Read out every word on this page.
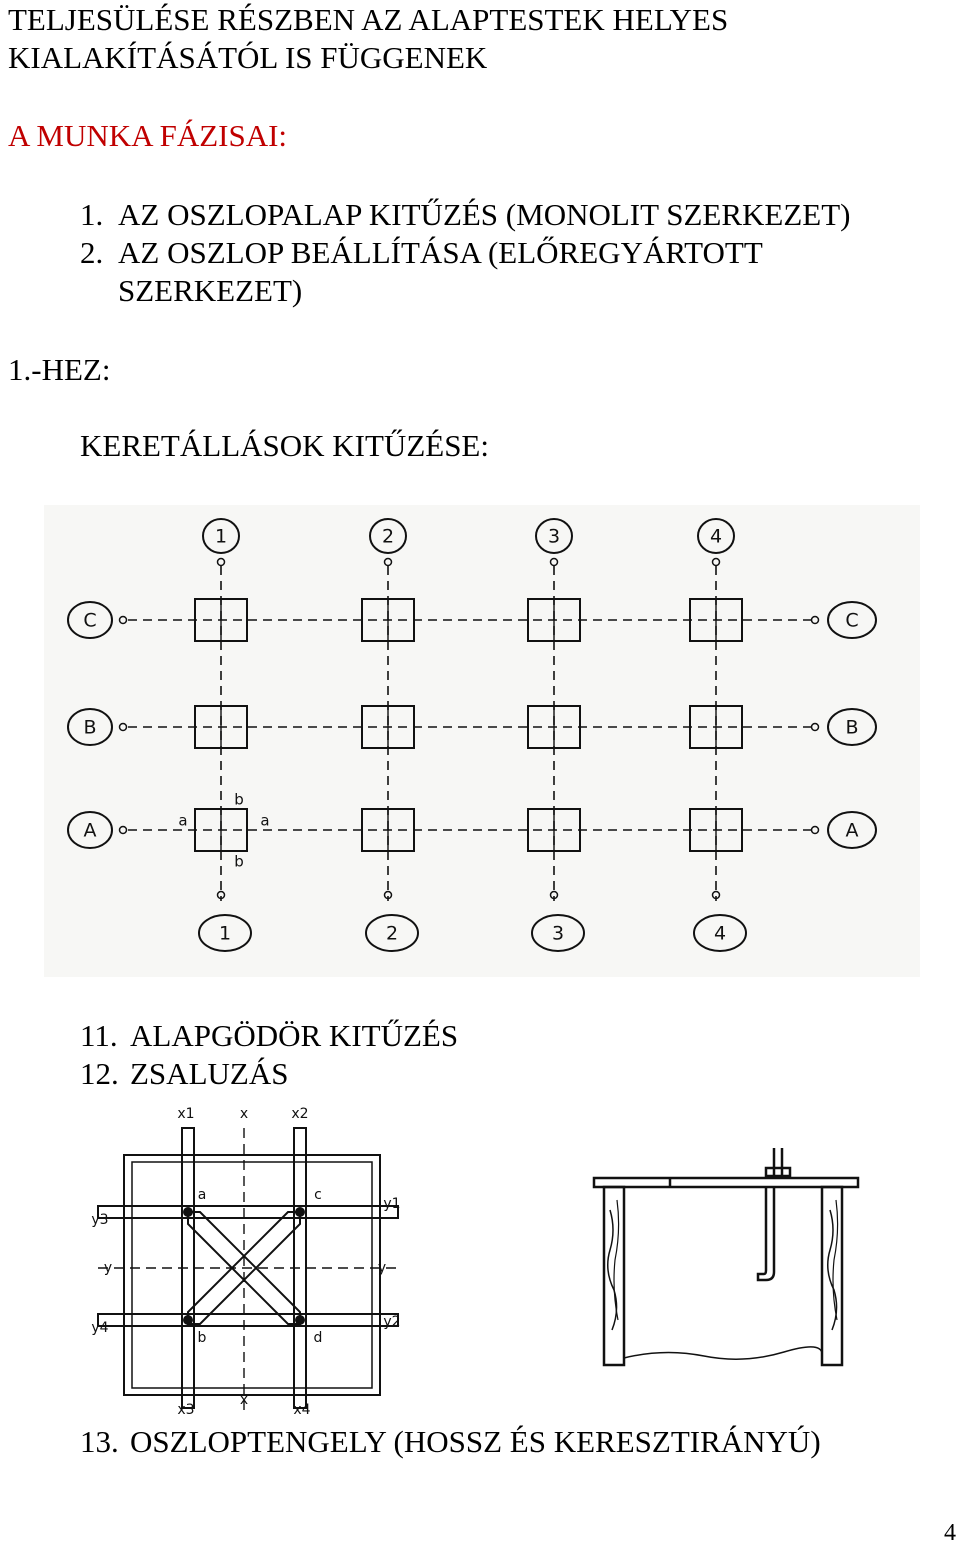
TELJESÜLÉSE RÉSZBEN AZ ALAPTESTEK HELYES

KIALAKÍTÁSÁTÓL IS FÜGGENEK

A MUNKA FÁZISAI:

1. AZ OSZLOPALAP KITŰZÉS (MONOLIT SZERKEZET)

2. AZ OSZLOP BEÁLLÍTÁSA (ELŐREGYÁRTOTT

SZERKEZET)

1.-HEZ:

KERETÁLLÁSOK KITŰZÉSE:

1
1
2
2
3
3
4
4
C	C
B	B
A	A
a	a
b
b

11. ALAPGÖDÖR KITŰZÉS

12. ZSALUZÁS

x1	x	x2
x3
x
x4
y3
y
y4
y1
y
y2
a	c
b	d

13. OSZLOPTENGELY (HOSSZ ÉS KERESZTIRÁNYÚ)

4
